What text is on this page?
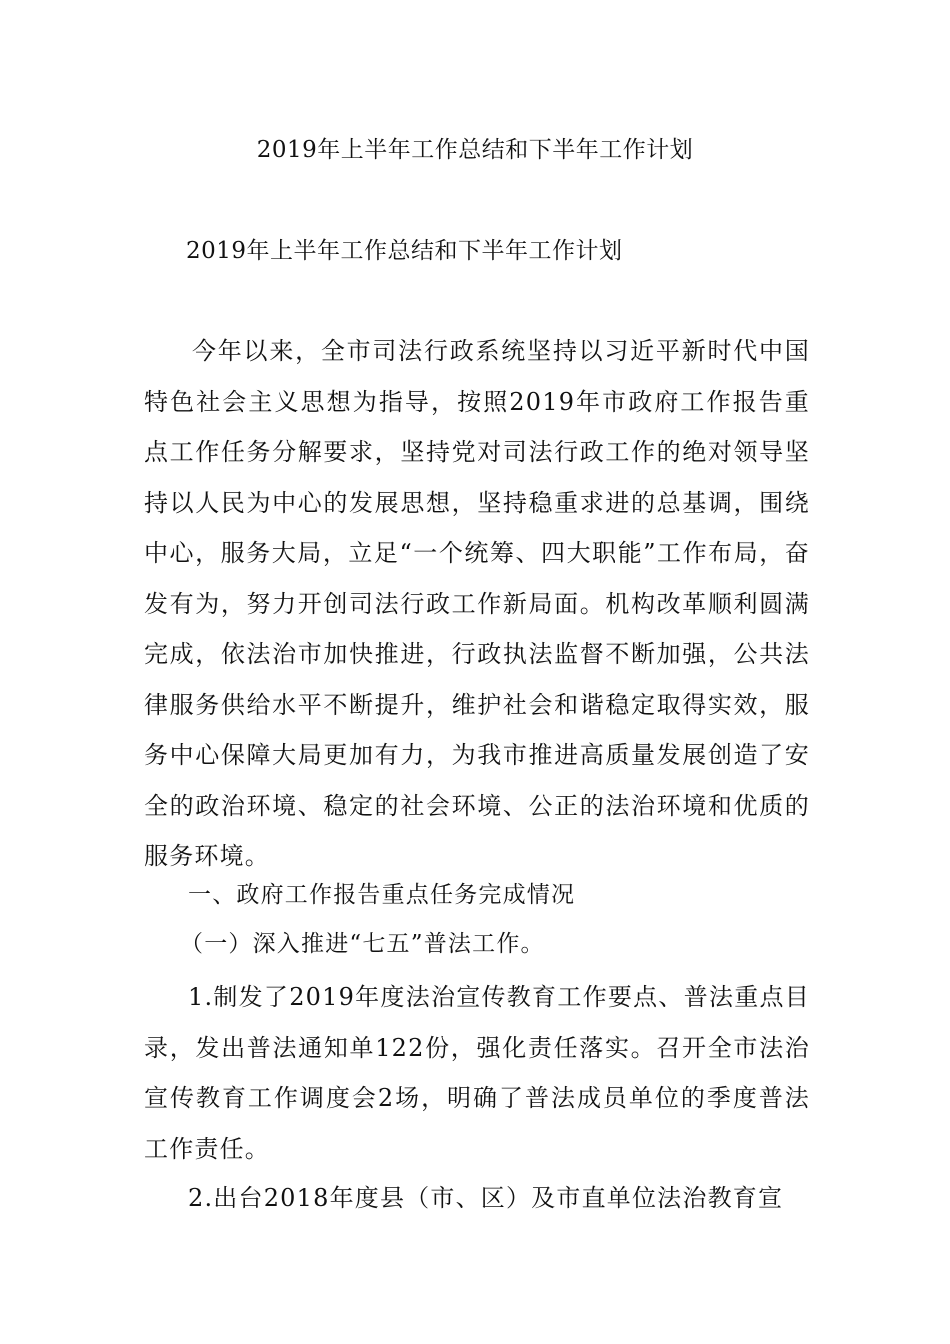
2019年上半年工作总结和下半年工作计划
2019年上半年工作总结和下半年工作计划
今年以来，全市司法行政系统坚持以习近平新时代中国特色社会主义思想为指导，按照2019年市政府工作报告重点工作任务分解要求，坚持党对司法行政工作的绝对领导坚持以人民为中心的发展思想，坚持稳重求进的总基调，围绕中心，服务大局，立足“一个统筹、四大职能”工作布局，奋发有为，努力开创司法行政工作新局面。机构改革顺利圆满完成，依法治市加快推进，行政执法监督不断加强，公共法律服务供给水平不断提升，维护社会和谐稳定取得实效，服务中心保障大局更加有力，为我市推进高质量发展创造了安全的政治环境、稳定的社会环境、公正的法治环境和优质的服务环境。
一、政府工作报告重点任务完成情况
（一）深入推进“七五”普法工作。
1.制发了2019年度法治宣传教育工作要点、普法重点目录，发出普法通知单122份，强化责任落实。召开全市法治宣传教育工作调度会2场，明确了普法成员单位的季度普法工作责任。
2.出台2018年度县（市、区）及市直单位法治教育宣
